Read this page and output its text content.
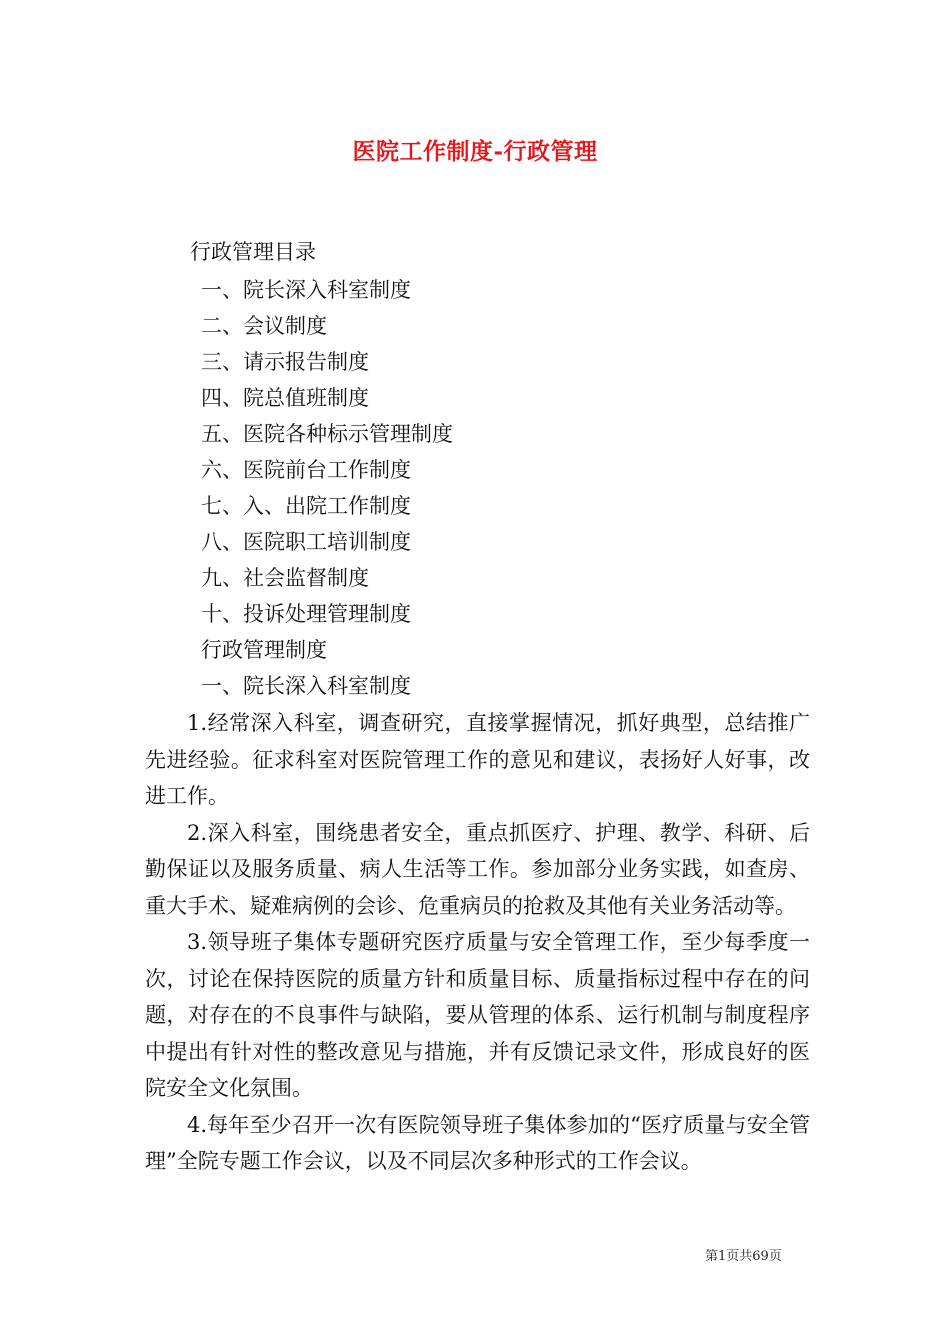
医院工作制度-行政管理
行政管理目录
一、院长深入科室制度
二、会议制度
三、请示报告制度
四、院总值班制度
五、医院各种标示管理制度
六、医院前台工作制度
七、入、出院工作制度
八、医院职工培训制度
九、社会监督制度
十、投诉处理管理制度
行政管理制度
一、院长深入科室制度

1.经常深入科室，调查研究，直接掌握情况，抓好典型，总结推广先进经验。征求科室对医院管理工作的意见和建议，表扬好人好事，改进工作。

2.深入科室，围绕患者安全，重点抓医疗、护理、教学、科研、后勤保证以及服务质量、病人生活等工作。参加部分业务实践，如查房、重大手术、疑难病例的会诊、危重病员的抢救及其他有关业务活动等。

3.领导班子集体专题研究医疗质量与安全管理工作，至少每季度一次，讨论在保持医院的质量方针和质量目标、质量指标过程中存在的问题，对存在的不良事件与缺陷，要从管理的体系、运行机制与制度程序中提出有针对性的整改意见与措施，并有反馈记录文件，形成良好的医院安全文化氛围。

4.每年至少召开一次有医院领导班子集体参加的“医疗质量与安全管理”全院专题工作会议，以及不同层次多种形式的工作会议。

第1页共69页
